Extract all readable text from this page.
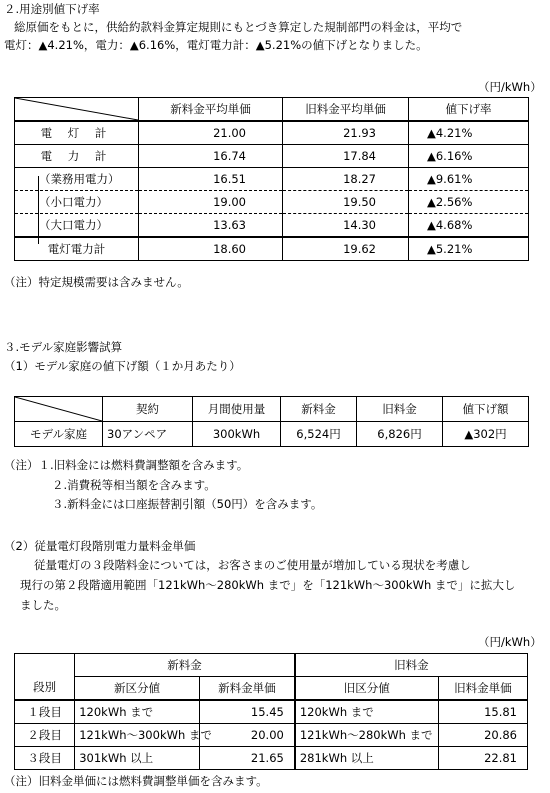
２.用途別値下げ率
総原価をもとに，供給約款料金算定規則にもとづき算定した規制部門の料金は，平均で
電灯：▲4.21%，電力：▲6.16%，電灯電力計：▲5.21%の値下げとなりました。
（円/kWh）
	新料金平均単価	旧料金平均単価	値下げ率
電 灯 計	21.00	21.93	▲4.21%
電 力 計	16.74	17.84	▲6.16%

（業務用電力）	16.51	18.27	▲9.61%
（小口電力）	19.00	19.50	▲2.56%
（大口電力）	13.63	14.30	▲4.68%
電灯電力計	18.60	19.62	▲5.21%
（注）特定規模需要は含みません。
３.モデル家庭影響試算
（1）モデル家庭の値下げ額（１か月あたり）
	契約	月間使用量	新料金	旧料金	値下げ額
モデル家庭	30アンペア	300kWh	6,524円	6,826円	▲302円
（注）１.旧料金には燃料費調整額を含みます。
２.消費税等相当額を含みます。
３.新料金には口座振替割引額（50円）を含みます。
（2）従量電灯段階別電力量料金単価
従量電灯の３段階料金については，お客さまのご使用量が増加している現状を考慮し
現行の第２段階適用範囲「121kWh～280kWh まで」を「121kWh～300kWh まで」に拡大し
ました。
（円/kWh）
	新料金		旧料金	
段別	新区分値	新料金単価	旧区分値	旧料金単価
１段目	120kWh まで	15.45	120kWh まで	15.81
２段目	121kWh～300kWh まで	20.00	121kWh～280kWh まで	20.86
３段目	301kWh 以上	21.65	281kWh 以上	22.81
（注）旧料金単価には燃料費調整単価を含みます。
